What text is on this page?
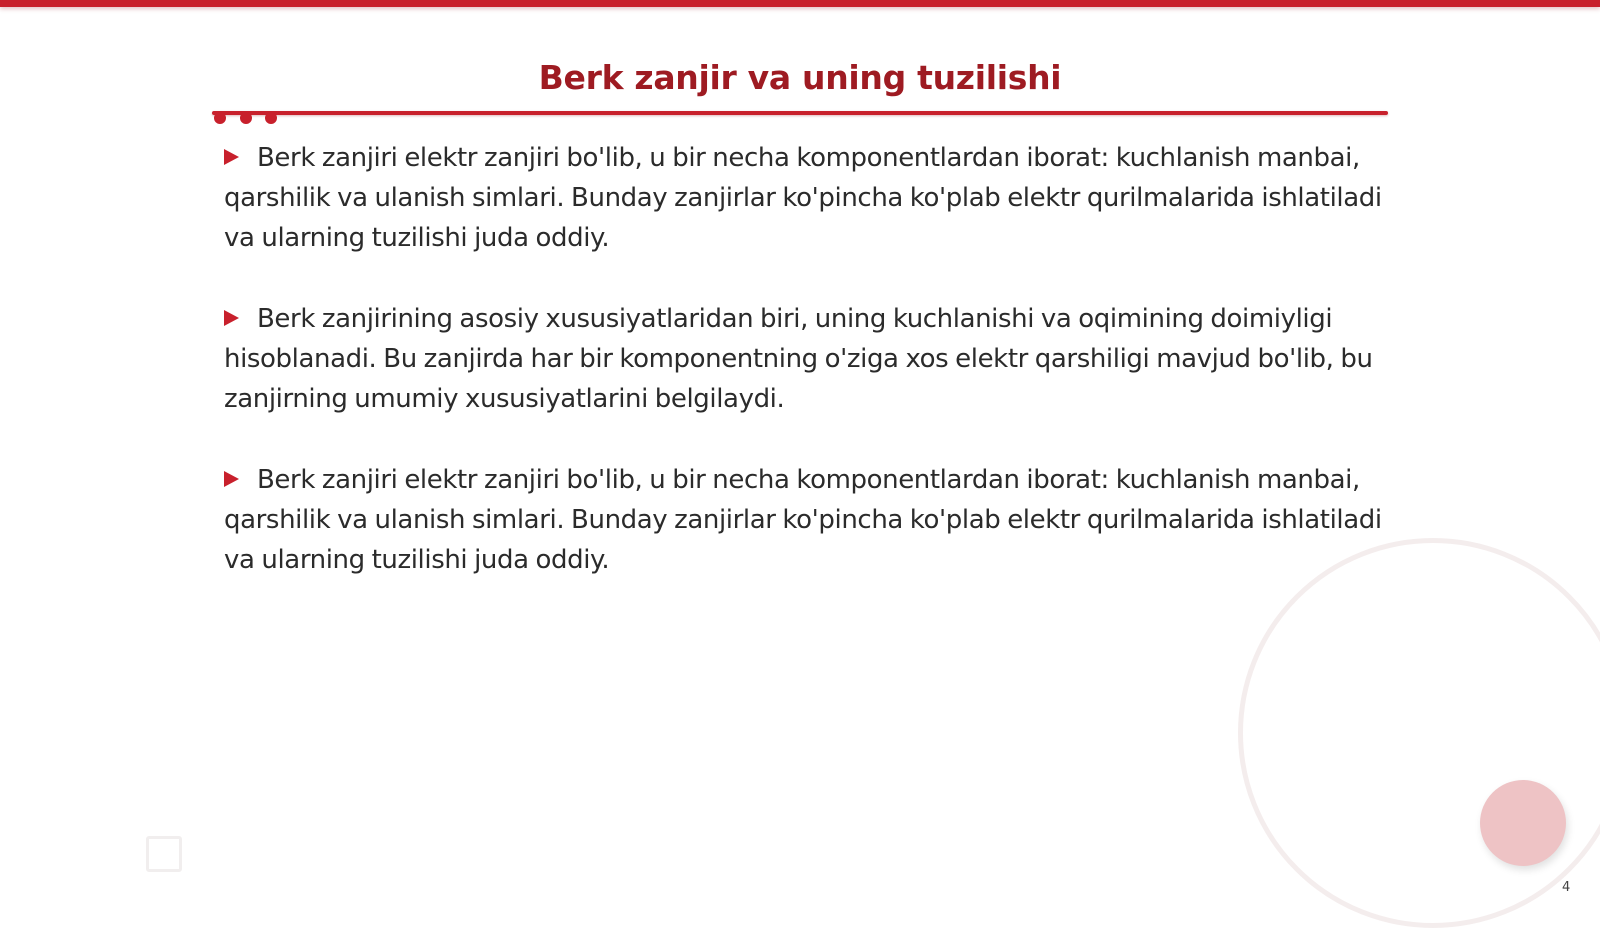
Berk zanjir va uning tuzilishi

Berk zanjiri elektr zanjiri bo'lib, u bir necha komponentlardan iborat: kuchlanish manbai, qarshilik va ulanish simlari. Bunday zanjirlar ko'pincha ko'plab elektr qurilmalarida ishlatiladi va ularning tuzilishi juda oddiy.

Berk zanjirining asosiy xususiyatlaridan biri, uning kuchlanishi va oqimining doimiyligi hisoblanadi. Bu zanjirda har bir komponentning o'ziga xos elektr qarshiligi mavjud bo'lib, bu zanjirning umumiy xususiyatlarini belgilaydi.

Berk zanjiri elektr zanjiri bo'lib, u bir necha komponentlardan iborat: kuchlanish manbai, qarshilik va ulanish simlari. Bunday zanjirlar ko'pincha ko'plab elektr qurilmalarida ishlatiladi va ularning tuzilishi juda oddiy.

4
